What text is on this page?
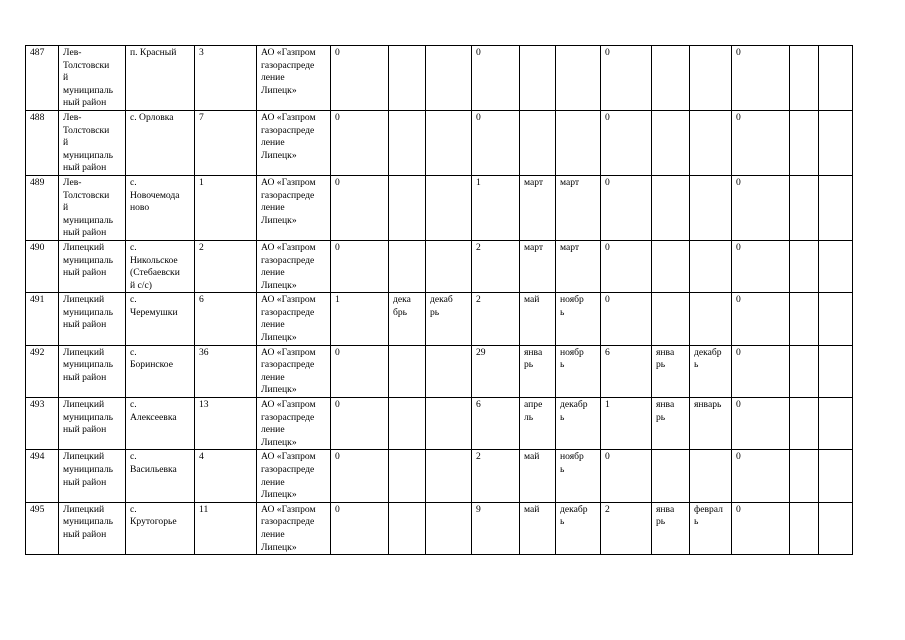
487	Лев-
Толстовски
й
муниципаль
ный район	п. Красный	3	АО «Газпром
газораспреде
ление
Липецк»	0			0			0			0		

488	Лев-
Толстовски
й
муниципаль
ный район	с. Орловка	7	АО «Газпром
газораспреде
ление
Липецк»	0			0			0			0		

489	Лев-
Толстовски
й
муниципаль
ный район	с.
Новочемода
ново	1	АО «Газпром
газораспреде
ление
Липецк»	0			1	март	март	0			0		

490	Липецкий
муниципаль
ный район	с.
Никольское
(Стебаевски
й с/с)	2	АО «Газпром
газораспреде
ление
Липецк»	0			2	март	март	0			0		

491	Липецкий
муниципаль
ный район	с.
Черемушки	6	АО «Газпром
газораспреде
ление
Липецк»	1	дека
брь	декаб
рь	2	май	ноябр
ь	0			0		

492	Липецкий
муниципаль
ный район	с.
Боринское	36	АО «Газпром
газораспреде
ление
Липецк»	0			29	янва
рь	ноябр
ь	6	янва
рь	декабр
ь	0		

493	Липецкий
муниципаль
ный район	с.
Алексеевка	13	АО «Газпром
газораспреде
ление
Липецк»	0			6	апре
ль	декабр
ь	1	янва
рь	январь	0		

494	Липецкий
муниципаль
ный район	с.
Васильевка	4	АО «Газпром
газораспреде
ление
Липецк»	0			2	май	ноябр
ь	0			0		

495	Липецкий
муниципаль
ный район	с.
Крутогорье	11	АО «Газпром
газораспреде
ление
Липецк»	0			9	май	декабр
ь	2	янва
рь	феврал
ь	0		
